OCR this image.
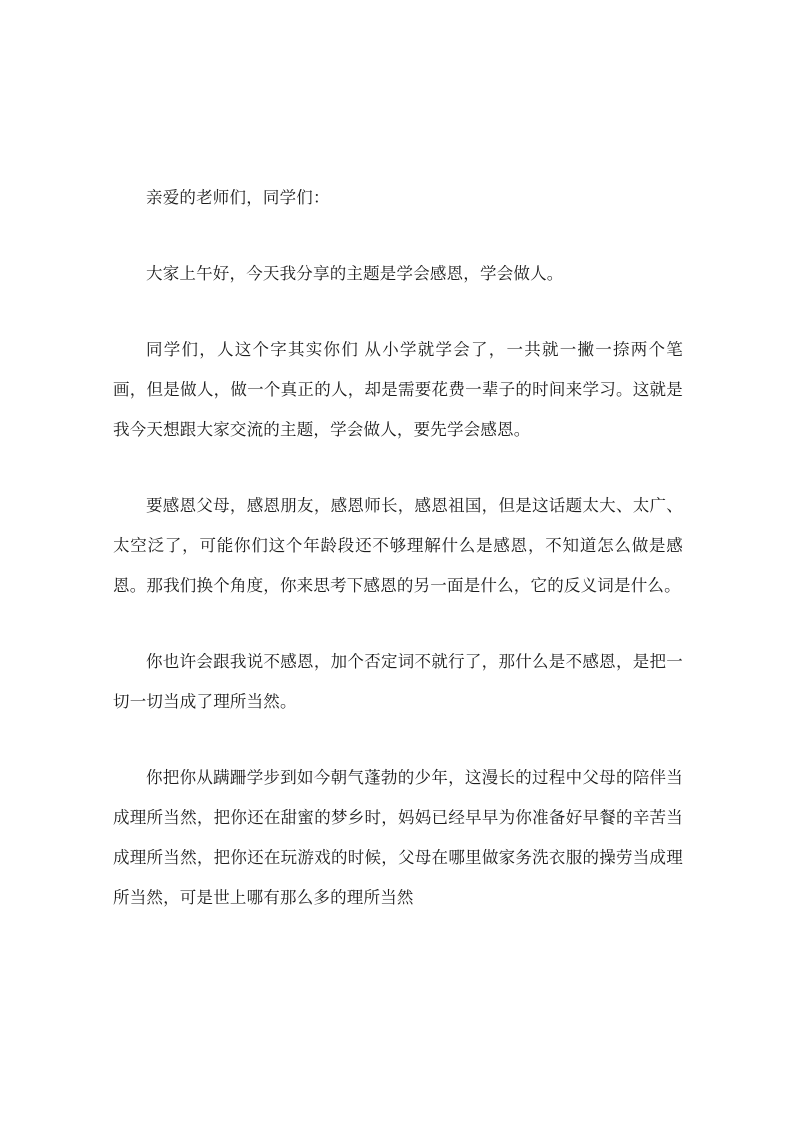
亲爱的老师们，同学们：

大家上午好，今天我分享的主题是学会感恩，学会做人。

同学们，人这个字其实你们 从小学就学会了，一共就一撇一捺两个笔画，但是做人，做一个真正的人，却是需要花费一辈子的时间来学习。这就是我今天想跟大家交流的主题，学会做人，要先学会感恩。

要感恩父母，感恩朋友，感恩师长，感恩祖国，但是这话题太大、太广、太空泛了，可能你们这个年龄段还不够理解什么是感恩，不知道怎么做是感恩。那我们换个角度，你来思考下感恩的另一面是什么，它的反义词是什么。

你也许会跟我说不感恩，加个否定词不就行了，那什么是不感恩，是把一切一切当成了理所当然。

你把你从蹒跚学步到如今朝气蓬勃的少年，这漫长的过程中父母的陪伴当成理所当然，把你还在甜蜜的梦乡时，妈妈已经早早为你准备好早餐的辛苦当成理所当然，把你还在玩游戏的时候，父母在哪里做家务洗衣服的操劳当成理所当然，可是世上哪有那么多的理所当然
